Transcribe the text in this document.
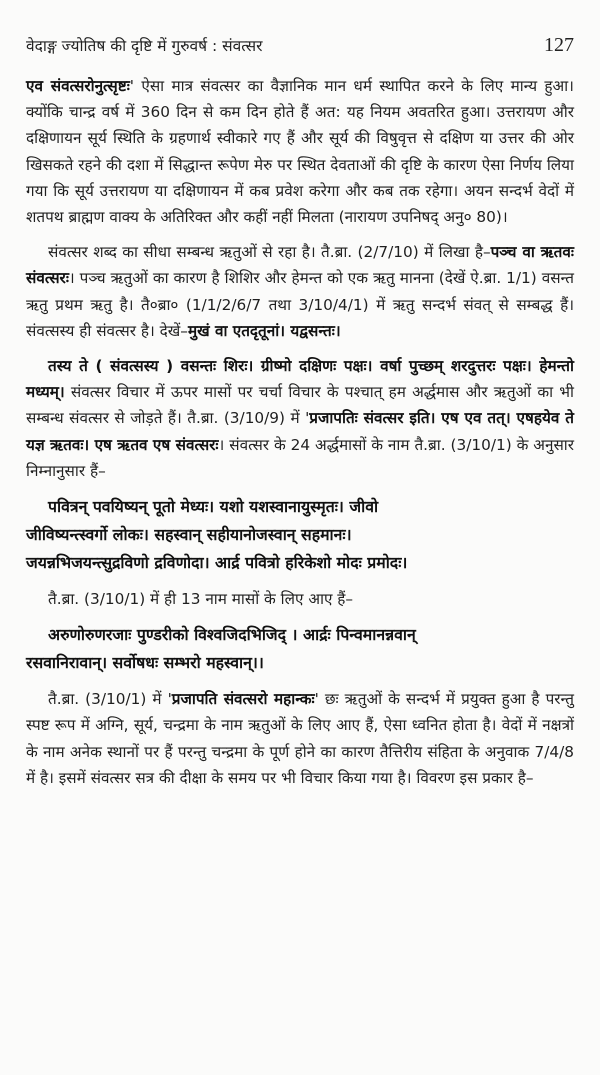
वेदाङ्ग ज्योतिष की दृष्टि में गुरुवर्ष : संवत्सर	127

एव संवत्सरोनुत्सृष्टः' ऐसा मात्र संवत्सर का वैज्ञानिक मान धर्म स्थापित करने के लिए मान्य हुआ। क्योंकि चान्द्र वर्ष में 360 दिन से कम दिन होते हैं अत: यह नियम अवतरित हुआ। उत्तरायण और दक्षिणायन सूर्य स्थिति के ग्रहणार्थ स्वीकारे गए हैं और सूर्य की विषुवृत्त से दक्षिण या उत्तर की ओर खिसकते रहने की दशा में सिद्धान्त रूपेण मेरु पर स्थित देवताओं की दृष्टि के कारण ऐसा निर्णय लिया गया कि सूर्य उत्तरायण या दक्षिणायन में कब प्रवेश करेगा और कब तक रहेगा। अयन सन्दर्भ वेदों में शतपथ ब्राह्मण वाक्य के अतिरिक्त और कहीं नहीं मिलता (नारायण उपनिषद् अनु० 80)।

संवत्सर शब्द का सीधा सम्बन्ध ऋतुओं से रहा है। तै.ब्रा. (2/7/10) में लिखा है–पञ्च वा ऋतवः संवत्सरः। पञ्च ऋतुओं का कारण है शिशिर और हेमन्त को एक ऋतु मानना (देखें ऐ.ब्रा. 1/1) वसन्त ऋतु प्रथम ऋतु है। तै०ब्रा० (1/1/2/6/7 तथा 3/10/4/1) में ऋतु सन्दर्भ संवत् से सम्बद्ध हैं। संवत्सस्य ही संवत्सर है। देखें–मुखं वा एतदृतूनां। यद्वसन्तः।

तस्य ते ( संवत्सस्य ) वसन्तः शिरः। ग्रीष्मो दक्षिणः पक्षः। वर्षा पुच्छम् शरदुत्तरः पक्षः। हेमन्तो मध्यम्। संवत्सर विचार में ऊपर मासों पर चर्चा विचार के पश्चात् हम अर्द्धमास और ऋतुओं का भी सम्बन्ध संवत्सर से जोड़ते हैं। तै.ब्रा. (3/10/9) में 'प्रजापतिः संवत्सर इति। एष एव तत्। एषहयेव ते यज्ञ ऋतवः। एष ऋतव एष संवत्सरः। संवत्सर के 24 अर्द्धमासों के नाम तै.ब्रा. (3/10/1) के अनुसार निम्नानुसार हैं–

पवित्रन् पवयिष्यन् पूतो मेध्यः। यशो यशस्वानायुस्मृतः। जीवो
जीविष्यन्त्स्वर्गो लोकः। सहस्वान् सहीयानोजस्वान् सहमानः।
जयन्नभिजयन्त्सुद्रविणो द्रविणोदा। आर्द्र पवित्रो हरिकेशो मोदः प्रमोदः।

तै.ब्रा. (3/10/1) में ही 13 नाम मासों के लिए आए हैं–

अरुणोरुणरजाः पुण्डरीको विश्वजिदभिजिद् । आर्द्रः पिन्वमानन्नवान्
रसवानिरावान्। सर्वोषधः सम्भरो महस्वान्।।

तै.ब्रा. (3/10/1) में 'प्रजापति संवत्सरो महान्कः' छः ऋतुओं के सन्दर्भ में प्रयुक्त हुआ है परन्तु स्पष्ट रूप में अग्नि, सूर्य, चन्द्रमा के नाम ऋतुओं के लिए आए हैं, ऐसा ध्वनित होता है। वेदों में नक्षत्रों के नाम अनेक स्थानों पर हैं परन्तु चन्द्रमा के पूर्ण होने का कारण तैत्तिरीय संहिता के अनुवाक 7/4/8 में है। इसमें संवत्सर सत्र की दीक्षा के समय पर भी विचार किया गया है। विवरण इस प्रकार है–
